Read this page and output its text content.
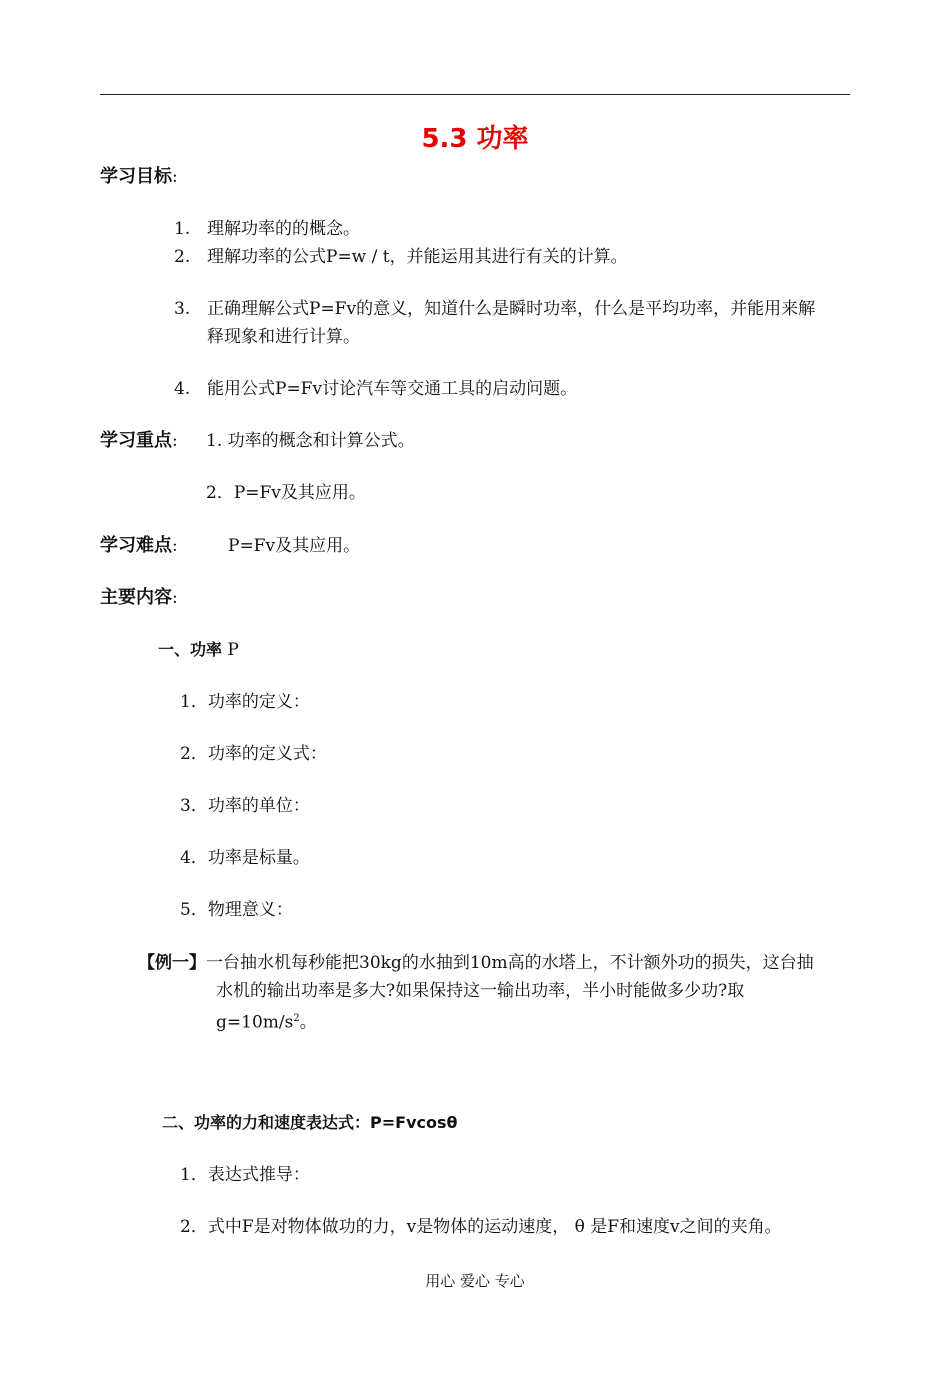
5.3 功率
学习目标:
1. 理解功率的的概念。
2. 理解功率的公式P=w / t，并能运用其进行有关的计算。
3. 正确理解公式P=Fv的意义，知道什么是瞬时功率，什么是平均功率，并能用来解
释现象和进行计算。
4. 能用公式P=Fv讨论汽车等交通工具的启动问题。
学习重点: 1. 功率的概念和计算公式。
2．P=Fv及其应用。
学习难点:	P=Fv及其应用。
主要内容:
一、功率 P
1．功率的定义：
2．功率的定义式：
3．功率的单位：
4．功率是标量。
5．物理意义：
【例一】一台抽水机每秒能把30kg的水抽到10m高的水塔上，不计额外功的损失，这台抽
水机的输出功率是多大?如果保持这一输出功率，半小时能做多少功?取
$g=10m/s^2$。
二、功率的力和速度表达式：P=Fvcosθ
1．表达式推导：
2．式中F是对物体做功的力，v是物体的运动速度， θ 是F和速度v之间的夹角。
用心 爱心 专心
